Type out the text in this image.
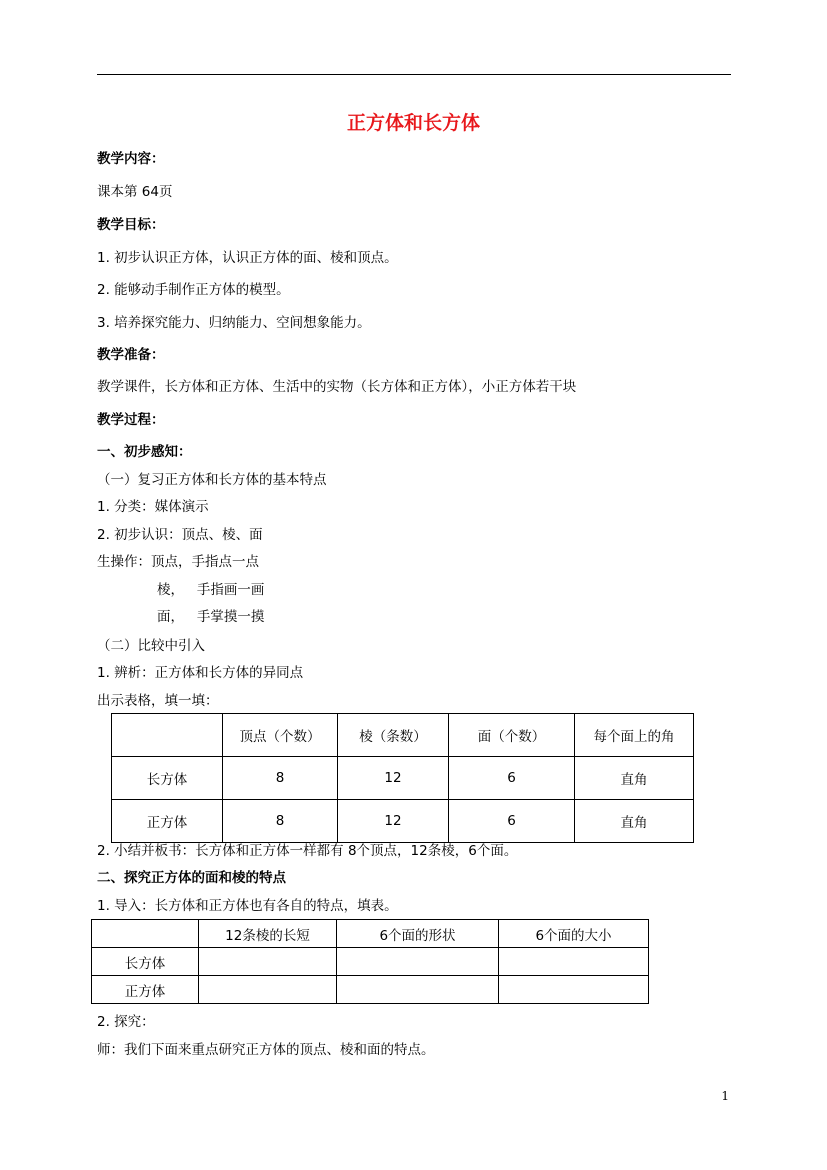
正方体和长方体

教学内容：

课本第 64页

教学目标：

1. 初步认识正方体，认识正方体的面、棱和顶点。

2. 能够动手制作正方体的模型。

3. 培养探究能力、归纳能力、空间想象能力。

教学准备：

教学课件，长方体和正方体、生活中的实物（长方体和正方体），小正方体若干块

教学过程：

一、初步感知：

（一）复习正方体和长方体的基本特点

1. 分类：媒体演示

2. 初步认识：顶点、棱、面

生操作：顶点，手指点一点

棱，   手指画一画

面，   手掌摸一摸

（二）比较中引入

1. 辨析：正方体和长方体的异同点

出示表格，填一填：

	顶点（个数）	棱（条数）	面（个数）	每个面上的角
长方体	8	12	6	直角
正方体	8	12	6	直角

2. 小结并板书：长方体和正方体一样都有 8个顶点，12条棱，6个面。

二、探究正方体的面和棱的特点

1. 导入：长方体和正方体也有各自的特点，填表。

	12条棱的长短	6个面的形状	6个面的大小
长方体			
正方体			

2. 探究：

师：我们下面来重点研究正方体的顶点、棱和面的特点。

1
